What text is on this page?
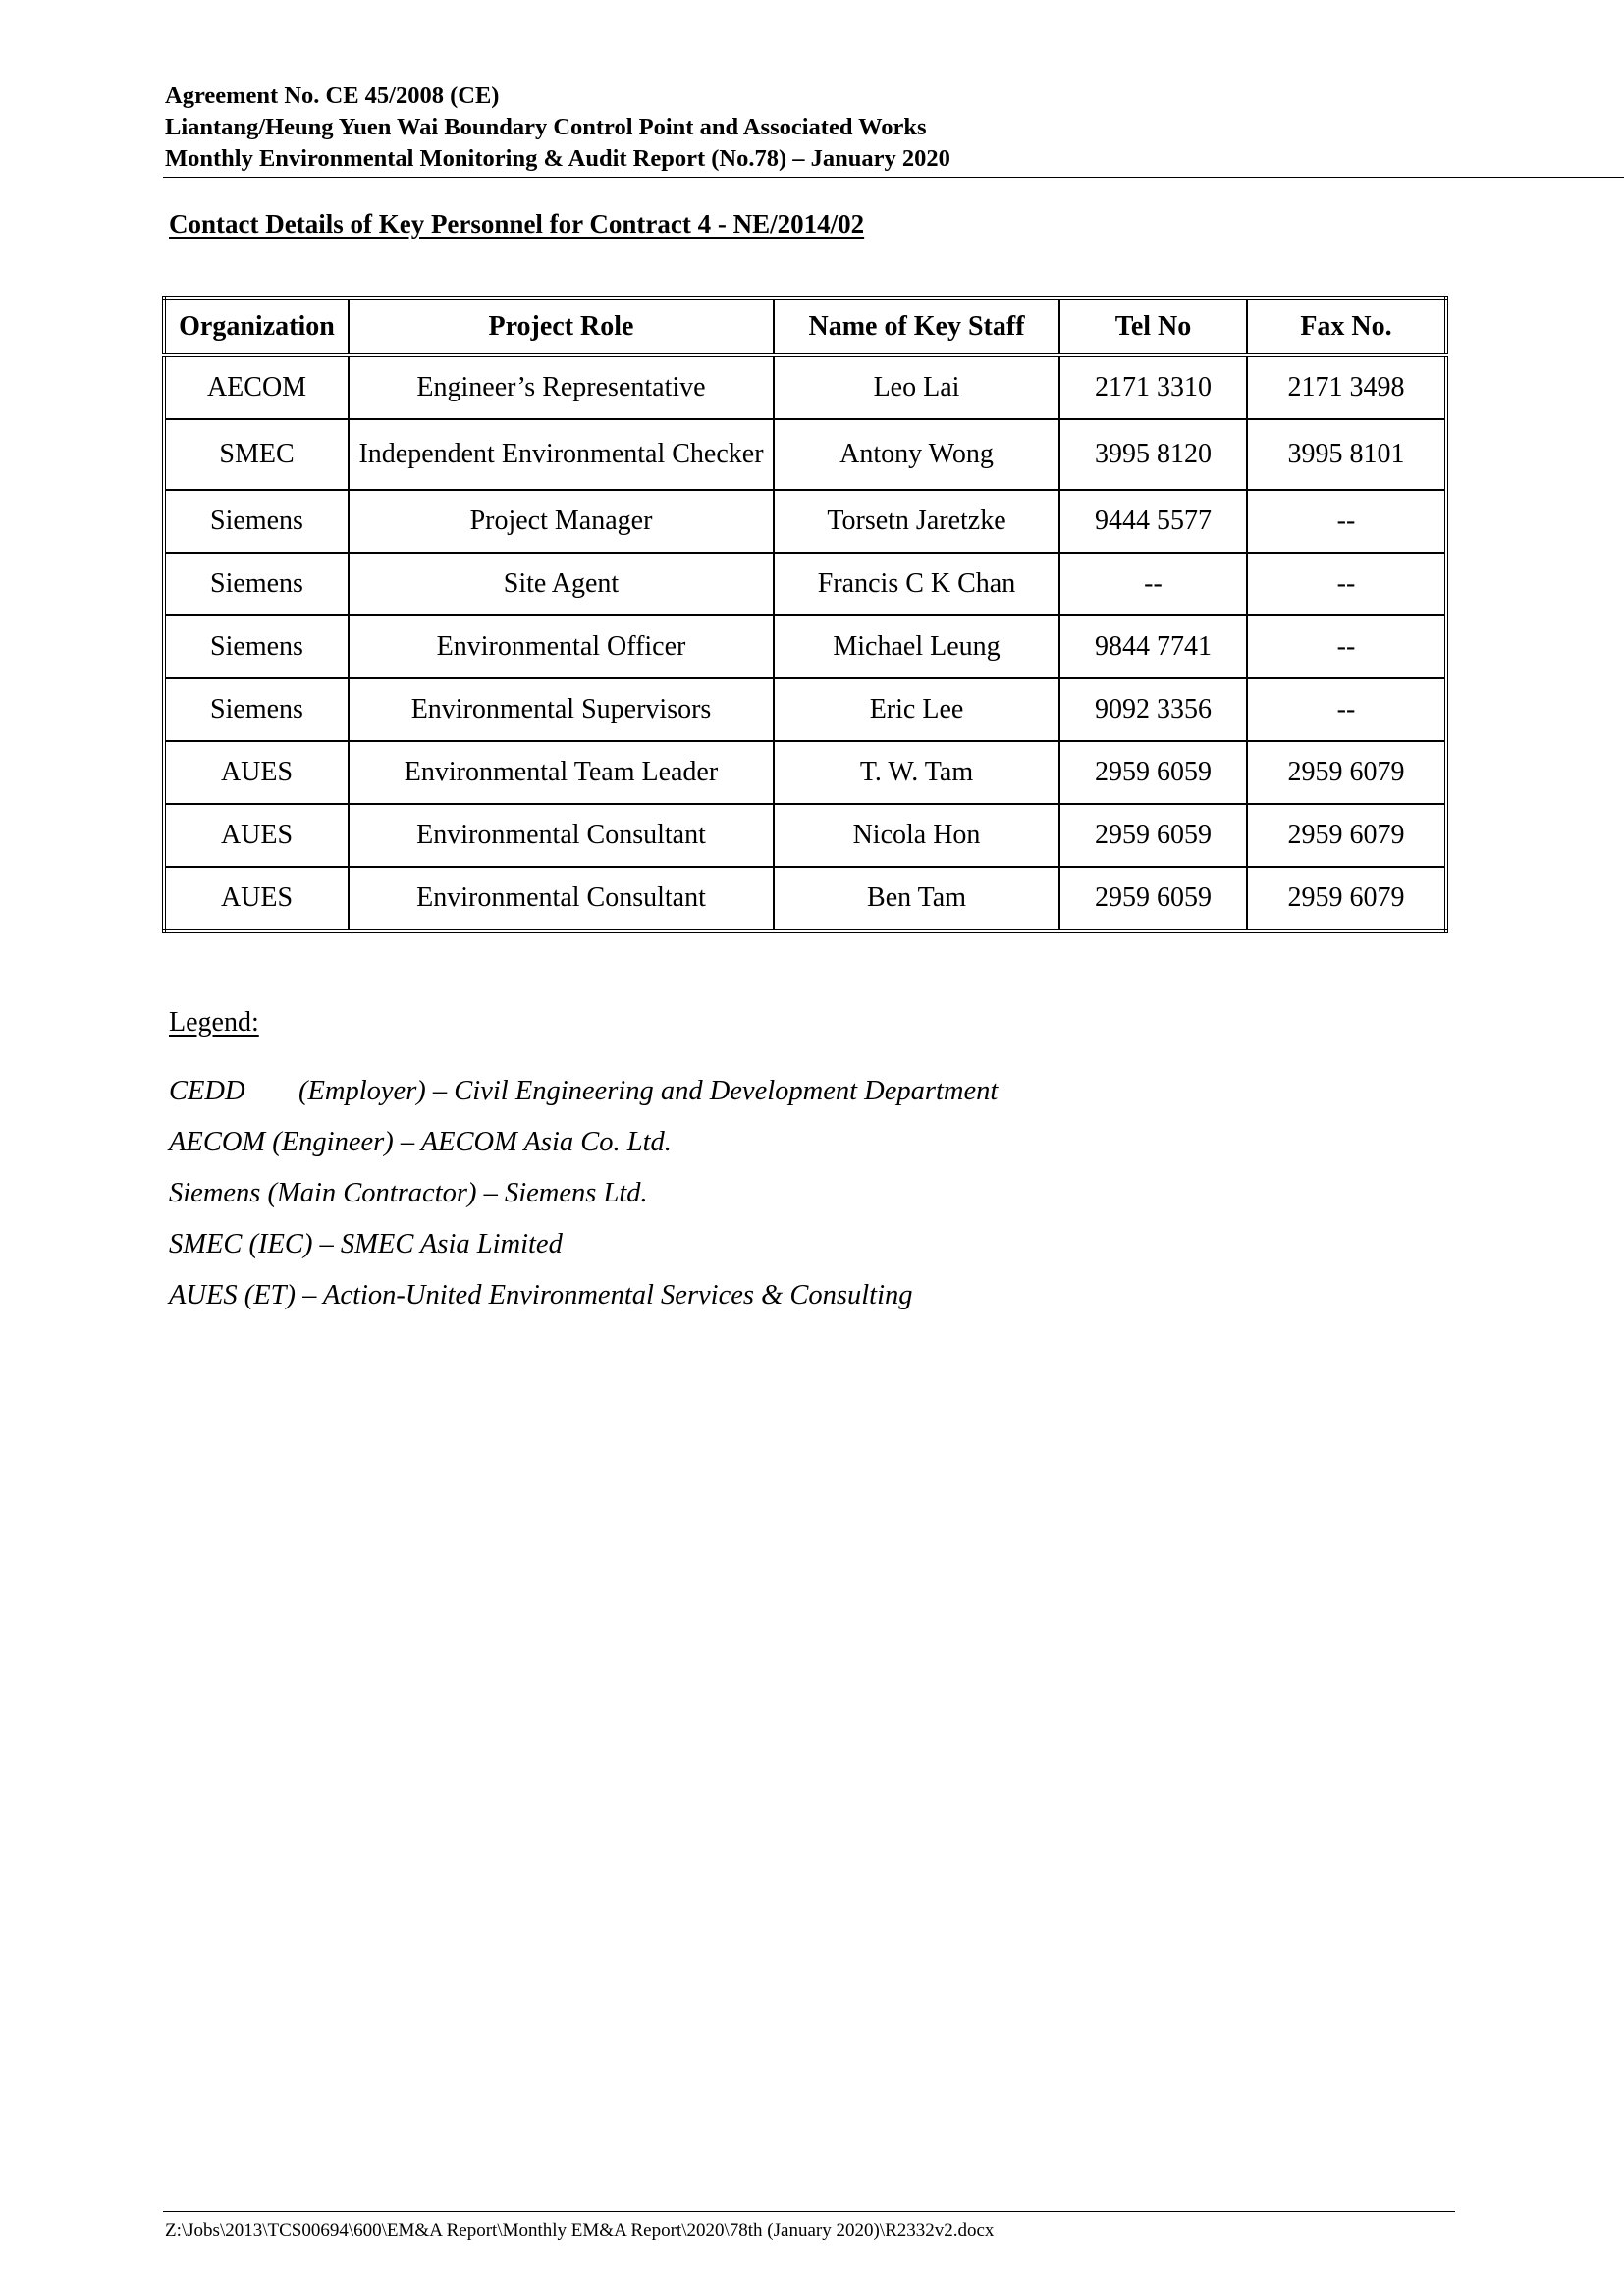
Agreement No. CE 45/2008 (CE)
Liantang/Heung Yuen Wai Boundary Control Point and Associated Works
Monthly Environmental Monitoring & Audit Report (No.78) – January 2020
Contact Details of Key Personnel for Contract 4 - NE/2014/02
Organization	Project Role	Name of Key Staff	Tel No	Fax No.
AECOM	Engineer’s Representative	Leo Lai	2171 3310	2171 3498
SMEC	Independent Environmental Checker	Antony Wong	3995 8120	3995 8101
Siemens	Project Manager	Torsetn Jaretzke	9444 5577	--
Siemens	Site Agent	Francis C K Chan	--	--
Siemens	Environmental Officer	Michael Leung	9844 7741	--
Siemens	Environmental Supervisors	Eric Lee	9092 3356	--
AUES	Environmental Team Leader	T. W. Tam	2959 6059	2959 6079
AUES	Environmental Consultant	Nicola Hon	2959 6059	2959 6079
AUES	Environmental Consultant	Ben Tam	2959 6059	2959 6079
Legend:
CEDD (Employer) – Civil Engineering and Development Department
AECOM (Engineer) – AECOM Asia Co. Ltd.
Siemens (Main Contractor) – Siemens Ltd.
SMEC (IEC) – SMEC Asia Limited
AUES (ET) – Action-United Environmental Services & Consulting
Z:\Jobs\2013\TCS00694\600\EM&A Report\Monthly EM&A Report\2020\78th (January 2020)\R2332v2.docx
